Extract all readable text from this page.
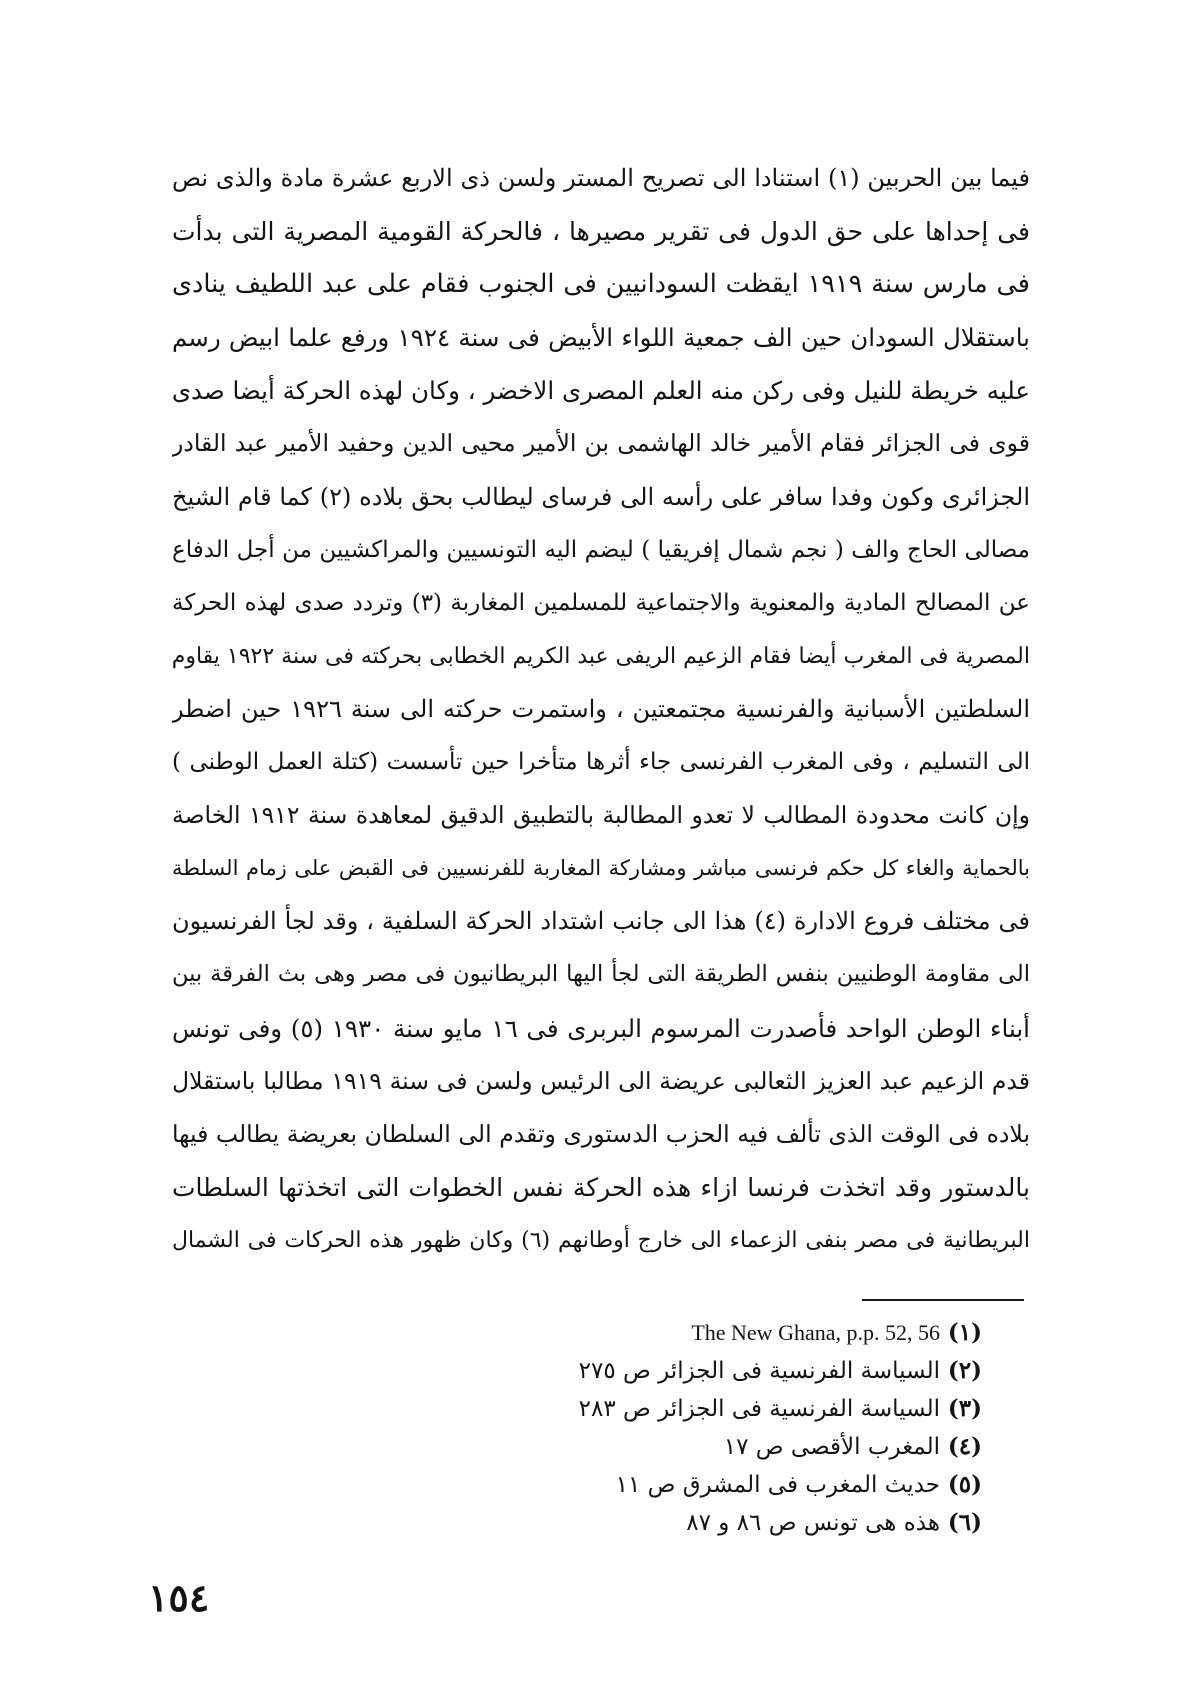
فيما بين الحربين (١) استنادا الى تصريح المستر ولسن ذى الاربع عشرة مادة والذى نص
فى إحداها على حق الدول فى تقرير مصيرها ، فالحركة القومية المصرية التى بدأت
فى مارس سنة ١٩١٩ ايقظت السودانيين فى الجنوب فقام على عبد اللطيف ينادى
باستقلال السودان حين الف جمعية اللواء الأبيض فى سنة ١٩٢٤ ورفع علما ابيض رسم
عليه خريطة للنيل وفى ركن منه العلم المصرى الاخضر ، وكان لهذه الحركة أيضا صدى
قوى فى الجزائر فقام الأمير خالد الهاشمى بن الأمير محيى الدين وحفيد الأمير عبد القادر
الجزائرى وكون وفدا سافر على رأسه الى فرساى ليطالب بحق بلاده (٢) كما قام الشيخ
مصالى الحاج والف ( نجم شمال إفريقيا ) ليضم اليه التونسيين والمراكشيين من أجل الدفاع
عن المصالح المادية والمعنوية والاجتماعية للمسلمين المغاربة (٣) وتردد صدى لهذه الحركة
المصرية فى المغرب أيضا فقام الزعيم الريفى عبد الكريم الخطابى بحركته فى سنة ١٩٢٢ يقاوم
السلطتين الأسبانية والفرنسية مجتمعتين ، واستمرت حركته الى سنة ١٩٢٦ حين اضطر
الى التسليم ، وفى المغرب الفرنسى جاء أثرها متأخرا حين تأسست (كتلة العمل الوطنى )
وإن كانت محدودة المطالب لا تعدو المطالبة بالتطبيق الدقيق لمعاهدة سنة ١٩١٢ الخاصة
بالحماية والغاء كل حكم فرنسى مباشر ومشاركة المغاربة للفرنسيين فى القبض على زمام السلطة
فى مختلف فروع الادارة (٤) هذا الى جانب اشتداد الحركة السلفية ، وقد لجأ الفرنسيون
الى مقاومة الوطنيين بنفس الطريقة التى لجأ اليها البريطانيون فى مصر وهى بث الفرقة بين
أبناء الوطن الواحد فأصدرت المرسوم البربرى فى ١٦ مايو سنة ١٩٣٠ (٥) وفى تونس
قدم الزعيم عبد العزيز الثعالبى عريضة الى الرئيس ولسن فى سنة ١٩١٩ مطالبا باستقلال
بلاده فى الوقت الذى تألف فيه الحزب الدستورى وتقدم الى السلطان بعريضة يطالب فيها
بالدستور وقد اتخذت فرنسا ازاء هذه الحركة نفس الخطوات التى اتخذتها السلطات
البريطانية فى مصر بنفى الزعماء الى خارج أوطانهم (٦) وكان ظهور هذه الحركات فى الشمال
(١)
The New Ghana, p.p. 52, 56
(٢)
السياسة الفرنسية فى الجزائر ص ٢٧٥
(٣)
السياسة الفرنسية فى الجزائر ص ٢٨٣
(٤)
المغرب الأقصى ص ١٧
(٥)
حديث المغرب فى المشرق ص ١١
(٦)
هذه هى تونس ص ٨٦ و ٨٧
١٥٤
